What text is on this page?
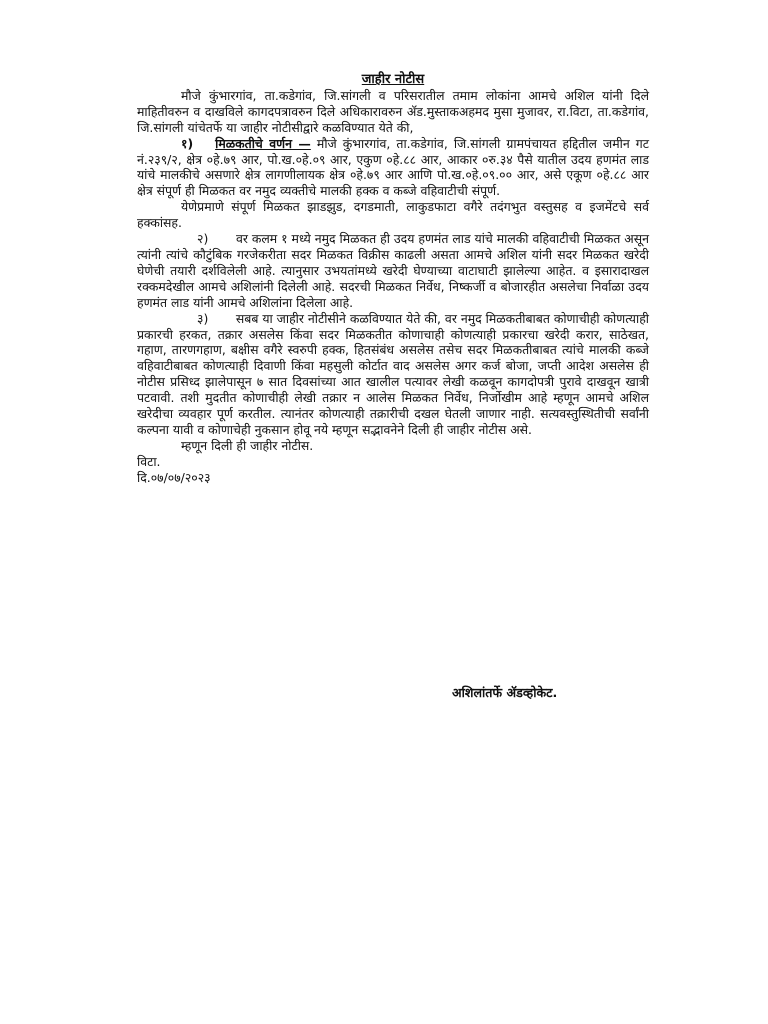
जाहीर नोटीस

मौजे कुंभारगांव, ता.कडेगांव, जि.सांगली व परिसरातील तमाम लोकांना आमचे अशिल यांनी दिले माहितीवरुन व दाखविले कागदपत्रावरुन दिले अधिकारावरुन ॲड.मुस्ताकअहमद मुसा मुजावर, रा.विटा, ता.कडेगांव, जि.सांगली यांचेतर्फे या जाहीर नोटीसीद्वारे कळविण्यात येते की,

१) मिळकतीचे वर्णन — मौजे कुंभारगांव, ता.कडेगांव, जि.सांगली ग्रामपंचायत हद्दितील जमीन गट नं.२३९/२, क्षेत्र ०हे.७९ आर, पो.ख.०हे.०९ आर, एकुण ०हे.८८ आर, आकार ०रु.३४ पैसे यातील उदय हणमंत लाड यांचे मालकीचे असणारे क्षेत्र लागणीलायक क्षेत्र ०हे.७९ आर आणि पो.ख.०हे.०९.०० आर, असे एकूण ०हे.८८ आर क्षेत्र संपूर्ण ही मिळकत वर नमुद व्यक्तीचे मालकी हक्क व कब्जे वहिवाटीची संपूर्ण.

येणेप्रमाणे संपूर्ण मिळकत झाडझुड, दगडमाती, लाकुडफाटा वगैरे तदंगभुत वस्तुसह व इजमेंटचे सर्व हक्कांसह.

२) वर कलम १ मध्ये नमुद मिळकत ही उदय हणमंत लाड यांचे मालकी वहिवाटीची मिळकत असून त्यांनी त्यांचे कौटुंबिक गरजेकरीता सदर मिळकत विक्रीस काढली असता आमचे अशिल यांनी सदर मिळकत खरेदी घेणेची तयारी दर्शविलेली आहे. त्यानुसार उभयतांमध्ये खरेदी घेण्याच्या वाटाघाटी झालेल्या आहेत. व इसारादाखल रक्कमदेखील आमचे अशिलांनी दिलेली आहे. सदरची मिळकत निर्वेध, निष्कर्जी व बोजारहीत असलेचा निर्वाळा उदय हणमंत लाड यांनी आमचे अशिलांना दिलेला आहे.

३) सबब या जाहीर नोटीसीने कळविण्यात येते की, वर नमुद मिळकतीबाबत कोणाचीही कोणत्याही प्रकारची हरकत, तक्रार असलेस किंवा सदर मिळकतीत कोणाचाही कोणत्याही प्रकारचा खरेदी करार, साठेखत, गहाण, तारणगहाण, बक्षीस वगैरे स्वरुपी हक्क, हितसंबंध असलेस तसेच सदर मिळकतीबाबत त्यांचे मालकी कब्जे वहिवाटीबाबत कोणत्याही दिवाणी किंवा महसुली कोर्टात वाद असलेस अगर कर्ज बोजा, जप्ती आदेश असलेस ही नोटीस प्रसिध्द झालेपासून ७ सात दिवसांच्या आत खालील पत्यावर लेखी कळवून कागदोपत्री पुरावे दाखवून खात्री पटवावी. तशी मुदतीत कोणाचीही लेखी तक्रार न आलेस मिळकत निर्वेध, निर्जोखीम आहे म्हणून आमचे अशिल खरेदीचा व्यवहार पूर्ण करतील. त्यानंतर कोणत्याही तक्रारीची दखल घेतली जाणार नाही. सत्यवस्तुस्थितीची सर्वांनी कल्पना यावी व कोणाचेही नुकसान होवू नये म्हणून सद्भावनेने दिली ही जाहीर नोटीस असे.

म्हणून दिली ही जाहीर नोटीस.

विटा.

दि.०७/०७/२०२३

अशिलांतर्फे ॲडव्होकेट.
